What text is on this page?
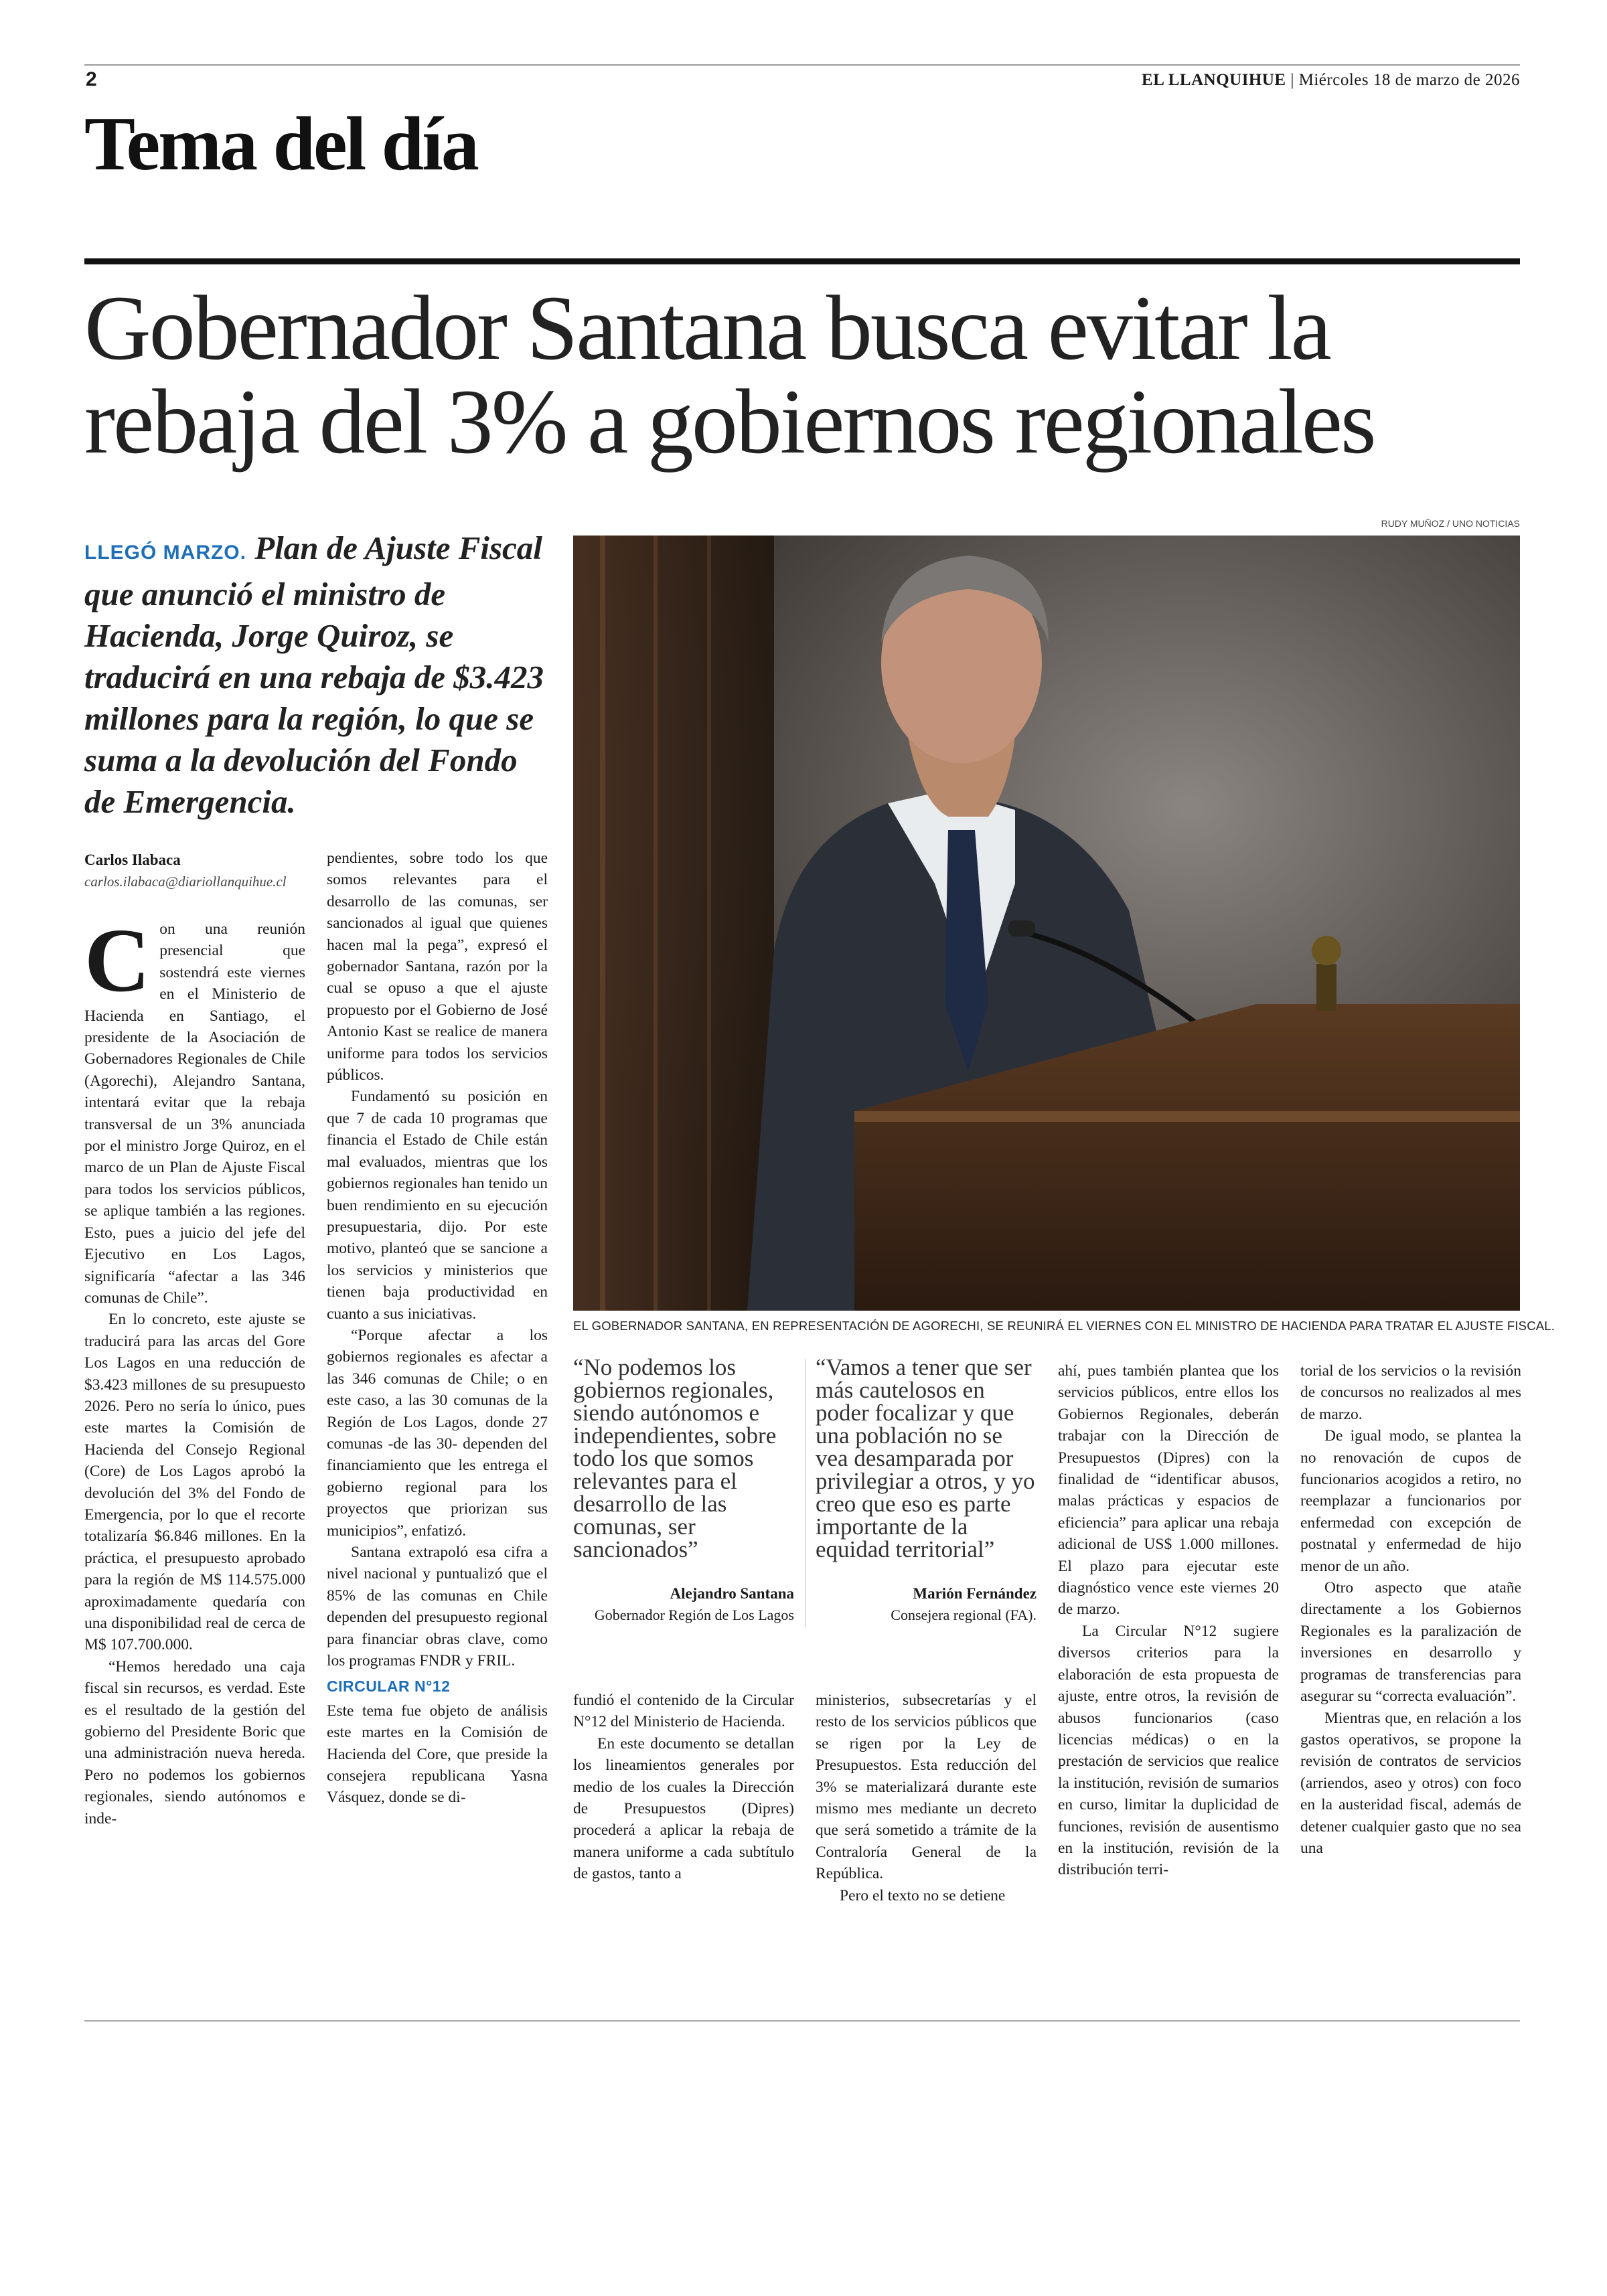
2	EL LLANQUIHUE | Miércoles 18 de marzo de 2026
Tema del día
Gobernador Santana busca evitar la rebaja del 3% a gobiernos regionales
LLEGÓ MARZO. Plan de Ajuste Fiscal que anunció el ministro de Hacienda, Jorge Quiroz, se traducirá en una rebaja de $3.423 millones para la región, lo que se suma a la devolución del Fondo de Emergencia.
RUDY MUÑOZ / UNO NOTICIAS
EL GOBERNADOR SANTANA, EN REPRESENTACIÓN DE AGORECHI, SE REUNIRÁ EL VIERNES CON EL MINISTRO DE HACIENDA PARA TRATAR EL AJUSTE FISCAL.
Carlos Ilabaca
carlos.ilabaca@diariollanquihue.cl

Con una reunión presencial que sostendrá este viernes en el Ministerio de Hacienda en Santiago, el presidente de la Asociación de Gobernadores Regionales de Chile (Agorechi), Alejandro Santana, intentará evitar que la rebaja transversal de un 3% anunciada por el ministro Jorge Quiroz, en el marco de un Plan de Ajuste Fiscal para todos los servicios públicos, se aplique también a las regiones. Esto, pues a juicio del jefe del Ejecutivo en Los Lagos, significaría “afectar a las 346 comunas de Chile”.

En lo concreto, este ajuste se traducirá para las arcas del Gore Los Lagos en una reducción de $3.423 millones de su presupuesto 2026. Pero no sería lo único, pues este martes la Comisión de Hacienda del Consejo Regional (Core) de Los Lagos aprobó la devolución del 3% del Fondo de Emergencia, por lo que el recorte totalizaría $6.846 millones. En la práctica, el presupuesto aprobado para la región de M$ 114.575.000 aproximadamente quedaría con una disponibilidad real de cerca de M$ 107.700.000.

“Hemos heredado una caja fiscal sin recursos, es verdad. Este es el resultado de la gestión del gobierno del Presidente Boric que una administración nueva hereda. Pero no podemos los gobiernos regionales, siendo autónomos e inde-

pendientes, sobre todo los que somos relevantes para el desarrollo de las comunas, ser sancionados al igual que quienes hacen mal la pega”, expresó el gobernador Santana, razón por la cual se opuso a que el ajuste propuesto por el Gobierno de José Antonio Kast se realice de manera uniforme para todos los servicios públicos.

Fundamentó su posición en que 7 de cada 10 programas que financia el Estado de Chile están mal evaluados, mientras que los gobiernos regionales han tenido un buen rendimiento en su ejecución presupuestaria, dijo. Por este motivo, planteó que se sancione a los servicios y ministerios que tienen baja productividad en cuanto a sus iniciativas.

“Porque afectar a los gobiernos regionales es afectar a las 346 comunas de Chile; o en este caso, a las 30 comunas de la Región de Los Lagos, donde 27 comunas -de las 30- dependen del financiamiento que les entrega el gobierno regional para los proyectos que priorizan sus municipios”, enfatizó.

Santana extrapoló esa cifra a nivel nacional y puntualizó que el 85% de las comunas en Chile dependen del presupuesto regional para financiar obras clave, como los programas FNDR y FRIL.

CIRCULAR N°12

Este tema fue objeto de análisis este martes en la Comisión de Hacienda del Core, que preside la consejera republicana Yasna Vásquez, donde se di-

“No podemos los gobiernos regionales, siendo autónomos e independientes, sobre todo los que somos relevantes para el desarrollo de las comunas, ser sancionados”
Alejandro Santana
Gobernador Región de Los Lagos
“Vamos a tener que ser más cautelosos en poder focalizar y que una población no se vea desamparada por privilegiar a otros, y yo creo que eso es parte importante de la equidad territorial”
Marión Fernández
Consejera regional (FA).

fundió el contenido de la Circular N°12 del Ministerio de Hacienda.

En este documento se detallan los lineamientos generales por medio de los cuales la Dirección de Presupuestos (Dipres) procederá a aplicar la rebaja de manera uniforme a cada subtítulo de gastos, tanto a

ministerios, subsecretarías y el resto de los servicios públicos que se rigen por la Ley de Presupuestos. Esta reducción del 3% se materializará durante este mismo mes mediante un decreto que será sometido a trámite de la Contraloría General de la República.

Pero el texto no se detiene

ahí, pues también plantea que los servicios públicos, entre ellos los Gobiernos Regionales, deberán trabajar con la Dirección de Presupuestos (Dipres) con la finalidad de “identificar abusos, malas prácticas y espacios de eficiencia” para aplicar una rebaja adicional de US$ 1.000 millones. El plazo para ejecutar este diagnóstico vence este viernes 20 de marzo.

La Circular N°12 sugiere diversos criterios para la elaboración de esta propuesta de ajuste, entre otros, la revisión de abusos funcionarios (caso licencias médicas) o en la prestación de servicios que realice la institución, revisión de sumarios en curso, limitar la duplicidad de funciones, revisión de ausentismo en la institución, revisión de la distribución terri-

torial de los servicios o la revisión de concursos no realizados al mes de marzo.

De igual modo, se plantea la no renovación de cupos de funcionarios acogidos a retiro, no reemplazar a funcionarios por enfermedad con excepción de postnatal y enfermedad de hijo menor de un año.

Otro aspecto que atañe directamente a los Gobiernos Regionales es la paralización de inversiones en desarrollo y programas de transferencias para asegurar su “correcta evaluación”.

Mientras que, en relación a los gastos operativos, se propone la revisión de contratos de servicios (arriendos, aseo y otros) con foco en la austeridad fiscal, además de detener cualquier gasto que no sea una
